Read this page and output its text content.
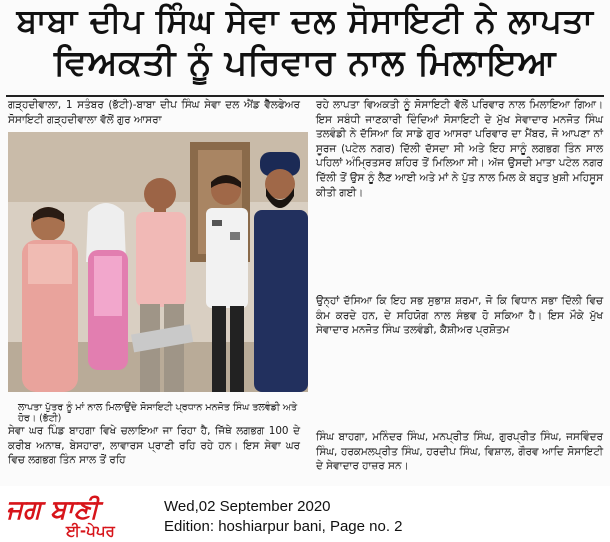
ਬਾਬਾ ਦੀਪ ਸਿੰਘ ਸੇਵਾ ਦਲ ਸੋਸਾਇਟੀ ਨੇ ਲਾਪਤਾ
ਵਿਅਕਤੀ ਨੂੰ ਪਰਿਵਾਰ ਨਾਲ ਮਿਲਾਇਆ

ਗੜ੍ਹਦੀਵਾਲਾ, 1 ਸਤੰਬਰ (ਭੱਟੀ)-ਬਾਬਾ ਦੀਪ ਸਿੰਘ ਸੇਵਾ ਦਲ ਐਂਡ ਵੈੱਲਫੇਅਰ ਸੋਸਾਇਟੀ ਗੜ੍ਹਦੀਵਾਲਾ ਵੱਲੋਂ ਗੁਰ ਆਸਰਾ

ਰਹੇ ਲਾਪਤਾ ਵਿਅਕਤੀ ਨੂੰ ਸੋਸਾਇਟੀ ਵੱਲੋਂ ਪਰਿਵਾਰ ਨਾਲ ਮਿਲਾਇਆ ਗਿਆ। ਇਸ ਸਬੰਧੀ ਜਾਣਕਾਰੀ ਦਿੰਦਿਆਂ ਸੋਸਾਇਟੀ ਦੇ ਮੁੱਖ ਸੇਵਾਦਾਰ ਮਨਜੋਤ ਸਿੰਘ ਤਲਵੰਡੀ ਨੇ ਦੱਸਿਆ ਕਿ ਸਾਡੇ ਗੁਰ ਆਸਰਾ ਪਰਿਵਾਰ ਦਾ ਮੈਂਬਰ, ਜੋ ਆਪਣਾ ਨਾਂ ਸੂਰਜ (ਪਟੇਲ ਨਗਰ) ਦਿੱਲੀ ਦੱਸਦਾ ਸੀ ਅਤੇ ਇਹ ਸਾਨੂੰ ਲਗਭਗ ਤਿੰਨ ਸਾਲ ਪਹਿਲਾਂ ਅੰਮ੍ਰਿਤਸਰ ਸ਼ਹਿਰ ਤੋਂ ਮਿਲਿਆ ਸੀ। ਅੱਜ ਉਸਦੀ ਮਾਤਾ ਪਟੇਲ ਨਗਰ ਦਿੱਲੀ ਤੋਂ ਉਸ ਨੂੰ ਲੈਣ ਆਈ ਅਤੇ ਮਾਂ ਨੇ ਪੁੱਤ ਨਾਲ ਮਿਲ ਕੇ ਬਹੁਤ ਖ਼ੁਸ਼ੀ ਮਹਿਸੂਸ ਕੀਤੀ ਗਈ।

ਉਨ੍ਹਾਂ ਦੱਸਿਆ ਕਿ ਇਹ ਸਭ ਸੁਭਾਸ਼ ਸ਼ਰਮਾ, ਜੋ ਕਿ ਵਿਧਾਨ ਸਭਾ ਦਿੱਲੀ ਵਿਚ ਕੰਮ ਕਰਦੇ ਹਨ, ਦੇ ਸਹਿਯੋਗ ਨਾਲ ਸੰਭਵ ਹੋ ਸਕਿਆ ਹੈ। ਇਸ ਮੌਕੇ ਮੁੱਖ ਸੇਵਾਦਾਰ ਮਨਜੋਤ ਸਿੰਘ ਤਲਵੰਡੀ, ਕੈਸ਼ੀਅਰ ਪ੍ਰਸ਼ੋਤਮ

ਲਾਪਤਾ ਪੁੱਤਰ ਨੂੰ ਮਾਂ ਨਾਲ ਮਿਲਾਉਂਦੇ ਸੋਸਾਇਟੀ ਪ੍ਰਧਾਨ ਮਨਜੋਤ ਸਿੰਘ ਤਲਵੰਡੀ ਅਤੇ ਹੋਰ। (ਭੱਟੀ)

ਸੇਵਾ ਘਰ ਪਿੰਡ ਬਾਹਗਾ ਵਿਖੇ ਚਲਾਇਆ ਜਾ ਰਿਹਾ ਹੈ, ਜਿੱਥੇ ਲਗਭਗ 100 ਦੇ ਕਰੀਬ ਅਨਾਥ, ਬੇਸਹਾਰਾ, ਲਾਵਾਰਸ ਪ੍ਰਾਣੀ ਰਹਿ ਰਹੇ ਹਨ। ਇਸ ਸੇਵਾ ਘਰ ਵਿਚ ਲਗਭਗ ਤਿੰਨ ਸਾਲ ਤੋਂ ਰਹਿ

ਸਿੰਘ ਬਾਹਗਾ, ਮਨਿੰਦਰ ਸਿੰਘ, ਮਨਪ੍ਰੀਤ ਸਿੰਘ, ਗੁਰਪ੍ਰੀਤ ਸਿੰਘ, ਜਸਵਿੰਦਰ ਸਿੰਘ, ਹਰਕਮਲਪ੍ਰੀਤ ਸਿੰਘ, ਹਰਦੀਪ ਸਿੰਘ, ਵਿਸ਼ਾਲ, ਗੌਰਵ ਆਦਿ ਸੋਸਾਇਟੀ ਦੇ ਸੇਵਾਦਾਰ ਹਾਜ਼ਰ ਸਨ।

ਜਗ ਬਾਣੀ
ਈ-ਪੇਪਰ
Wed,02 September 2020
Edition: hoshiarpur bani, Page no. 2
